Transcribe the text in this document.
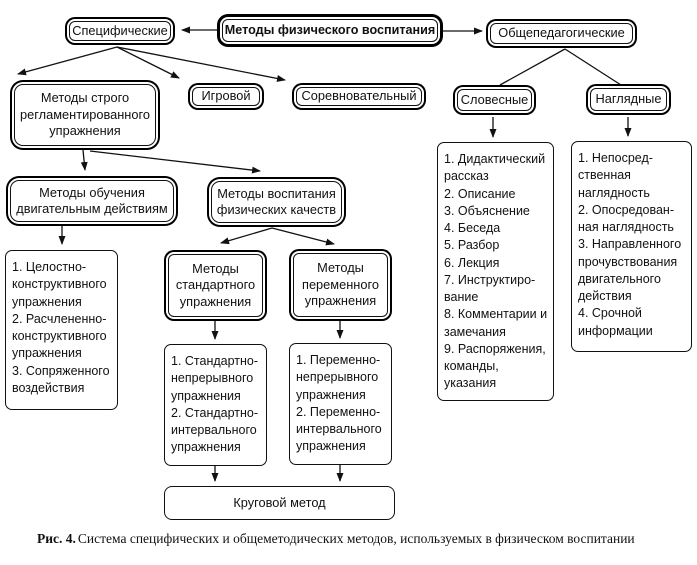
Методы физического воспитания
Специфические	Общепедагогические
Методы строго регламентированного упражнения
Игровой	Соревновательный	Словесные	Наглядные
Методы обучения двигательным действиям
Методы воспитания физических качеств
Методы стандартного упражнения
Методы переменного упражнения
1. Целостно-конструктивного упражнения
2. Расчлененно-конструктивного упражнения
3. Сопряженного воздействия
1. Стандартно-непрерывного упражнения
2. Стандартно-интервального упражнения
1. Переменно-непрерывного упражнения
2. Переменно-интервального упражнения
1. Дидактический рассказ
2. Описание
3. Объяснение
4. Беседа
5. Разбор
6. Лекция
7. Инструктирование
8. Комментарии и замечания
9. Распоряжения, команды, указания
1. Непосредственная наглядность
2. Опосредованная наглядность
3. Направленного прочувствования двигательного действия
4. Срочной информации
Круговой метод
Рис. 4. Система специфических и общеметодических методов, используемых в физическом воспитании
